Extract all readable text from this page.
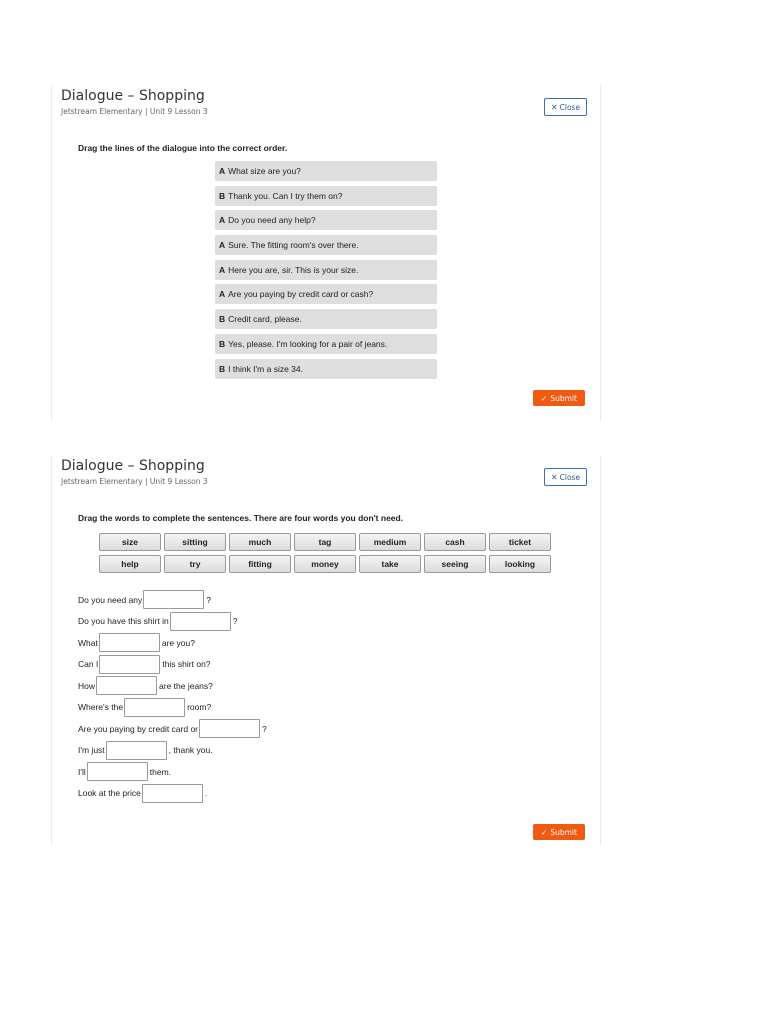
Dialogue – Shopping
Jetstream Elementary | Unit 9 Lesson 3	✕ Close
Drag the lines of the dialogue into the correct order.
A What size are you?
B Thank you. Can I try them on?
A Do you need any help?
A Sure. The fitting room's over there.
A Here you are, sir. This is your size.
A Are you paying by credit card or cash?
B Credit card, please.
B Yes, please. I'm looking for a pair of jeans.
B I think I'm a size 34.
✓ Submit
Dialogue – Shopping
Jetstream Elementary | Unit 9 Lesson 3	✕ Close
Drag the words to complete the sentences. There are four words you don't need.
size	sitting	much	tag	medium	cash	ticket
help	try	fitting	money	take	seeing	looking
Do you need any	?
Do you have this shirt in	?
What	are you?
Can I	this shirt on?
How	are the jeans?
Where's the	room?
Are you paying by credit card or	?
I'm just	, thank you.
I'll	them.
Look at the price	.
✓ Submit
